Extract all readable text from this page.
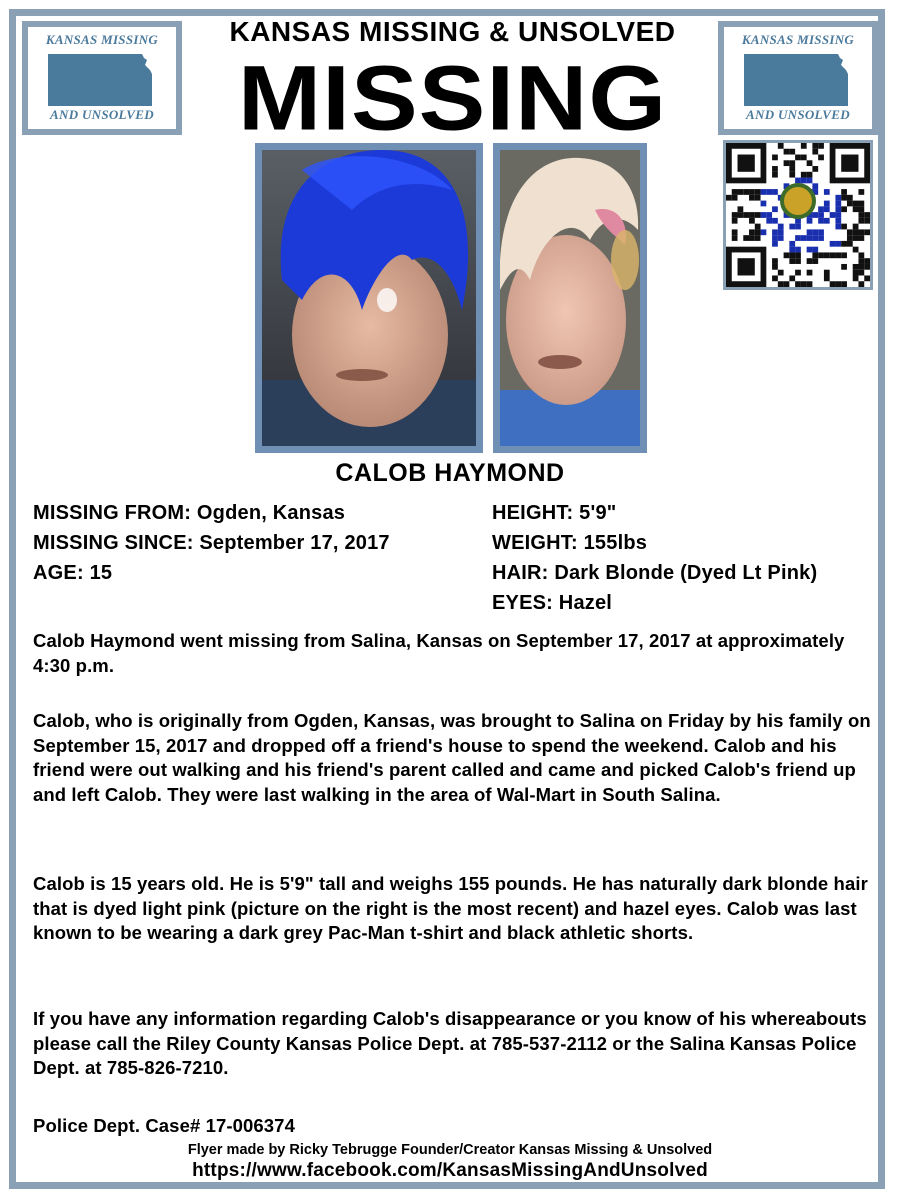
KANSAS MISSING
AND UNSOLVED
KANSAS MISSING
AND UNSOLVED
KANSAS MISSING & UNSOLVED
MISSING
CALOB HAYMOND
MISSING FROM: Ogden, Kansas
MISSING SINCE: September 17, 2017
AGE: 15
HEIGHT: 5'9"
WEIGHT: 155lbs
HAIR: Dark Blonde (Dyed Lt Pink)
EYES: Hazel
Calob Haymond went missing from Salina, Kansas on September 17, 2017 at approximately 4:30 p.m.
Calob, who is originally from Ogden, Kansas, was brought to Salina on Friday by his family on September 15, 2017 and dropped off a friend's house to spend the weekend. Calob and his friend were out walking and his friend's parent called and came and picked Calob's friend up and left Calob. They were last walking in the area of Wal-Mart in South Salina.
Calob is 15 years old. He is 5'9" tall and weighs 155 pounds. He has naturally dark blonde hair that is dyed light pink (picture on the right is the most recent) and hazel eyes. Calob was last known to be wearing a dark grey Pac-Man t-shirt and black athletic shorts.
If you have any information regarding Calob's disappearance or you know of his whereabouts please call the Riley County Kansas Police Dept. at 785-537-2112 or the Salina Kansas Police Dept. at 785-826-7210.
Police Dept. Case# 17-006374
Flyer made by Ricky Tebrugge Founder/Creator Kansas Missing & Unsolved
https://www.facebook.com/KansasMissingAndUnsolved
